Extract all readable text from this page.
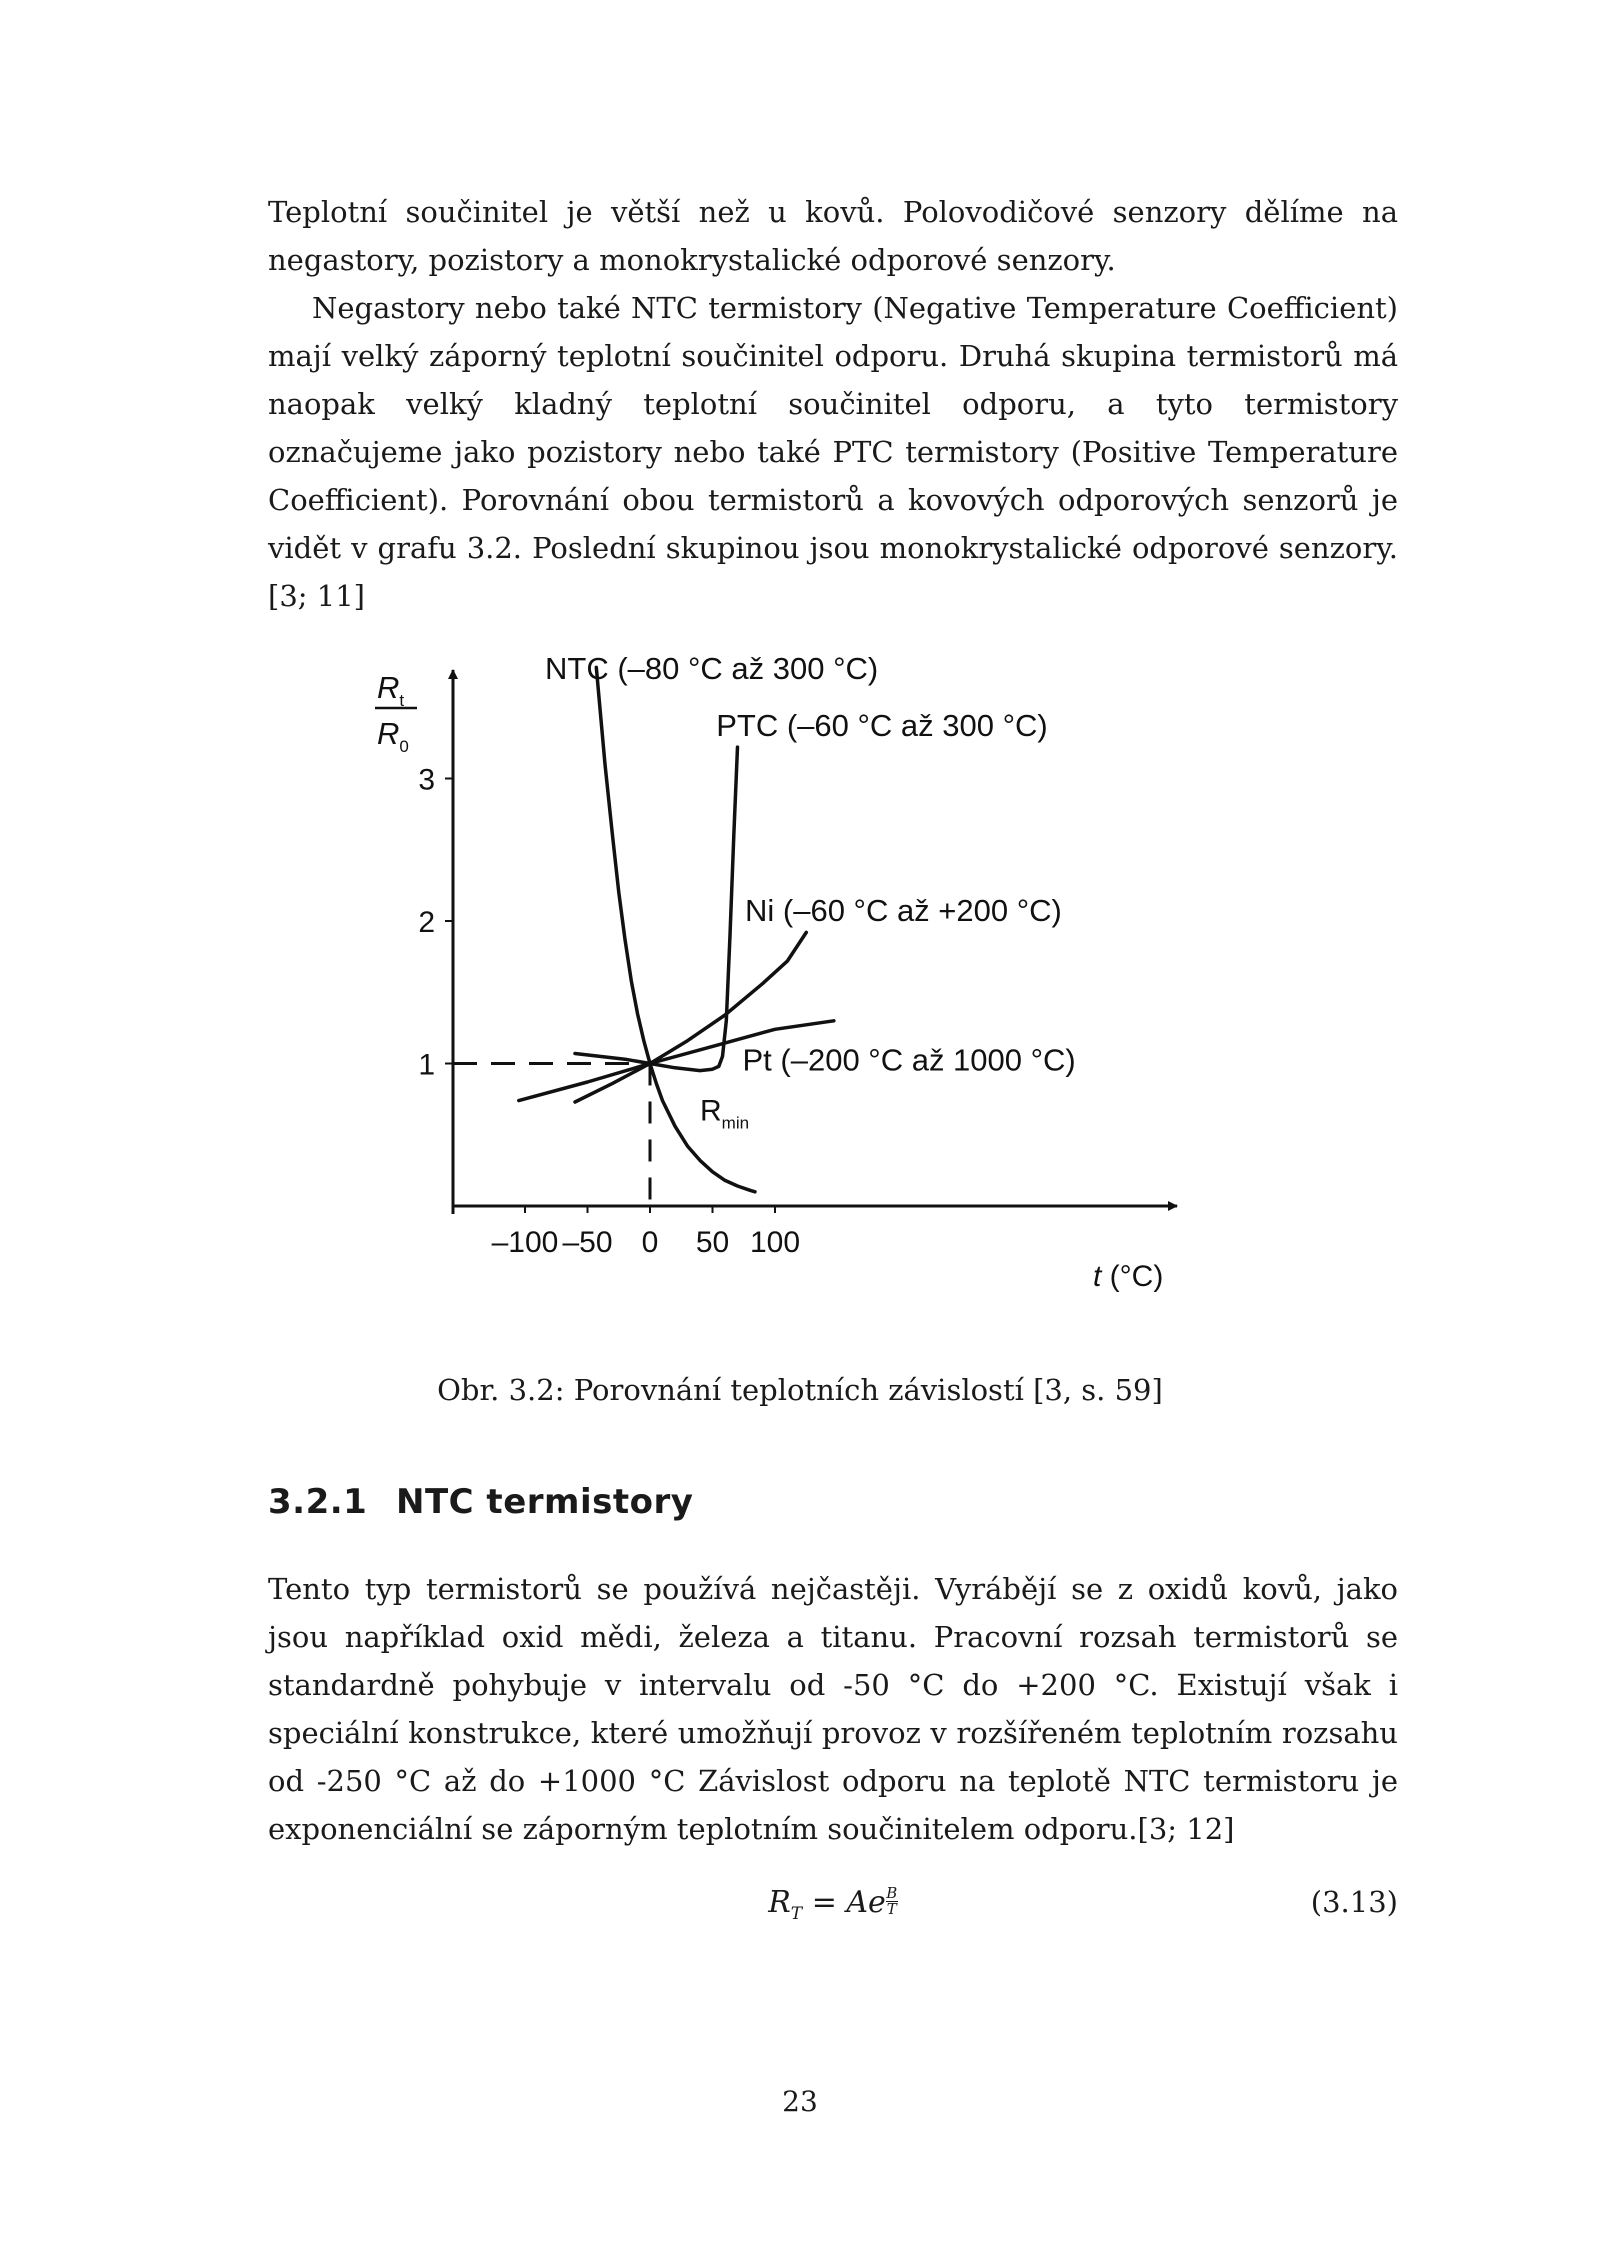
Teplotní součinitel je větší než u kovů. Polovodičové senzory dělíme na negastory, pozistory a monokrystalické odporové senzory.

Negastory nebo také NTC termistory (Negative Temperature Coefficient) mají velký záporný teplotní součinitel odporu. Druhá skupina termistorů má naopak velký kladný teplotní součinitel odporu, a tyto termistory označujeme jako pozistory nebo také PTC termistory (Positive Temperature Coefficient). Porovnání obou termistorů a kovových odporových senzorů je vidět v grafu 3.2. Poslední skupinou jsou monokrystalické odporové senzory. [3; 11]

–100 –50 0 50 100
1
2
3
NTC (–80 °C až 300 °C)
PTC (–60 °C až 300 °C)
Ni (–60 °C až +200 °C)
Pt (–200 °C až 1000 °C)
$R_{min}$
t (°C)
$R_t$
$R_0$
Obr. 3.2: Porovnání teplotních závislostí [3, s. 59]
3.2.1 NTC termistory

Tento typ termistorů se používá nejčastěji. Vyrábějí se z oxidů kovů, jako jsou například oxid mědi, železa a titanu. Pracovní rozsah termistorů se standardně pohybuje v intervalu od -50 °C do +200 °C. Existují však i speciální konstrukce, které umožňují provoz v rozšířeném teplotním rozsahu od -250 °C až do +1000 °C Závislost odporu na teplotě NTC termistoru je exponenciální se záporným teplotním součinitelem odporu.[3; 12]

$R_T = Ae \frac{B}{T}$	(3.13)
23
